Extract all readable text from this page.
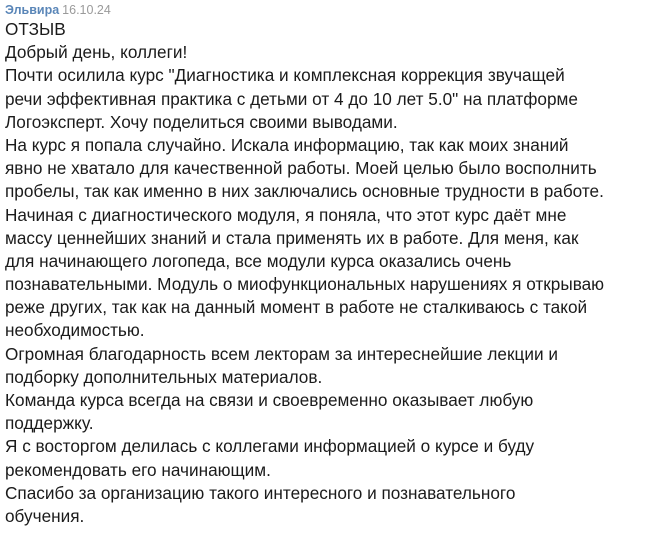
Эльвира 16.10.24
ОТЗЫВ
Добрый день, коллеги!
Почти осилила курс "Диагностика и комплексная коррекция звучащей
речи эффективная практика с детьми от 4 до 10 лет 5.0" на платформе
Логоэксперт. Хочу поделиться своими выводами.
На курс я попала случайно. Искала информацию, так как моих знаний
явно не хватало для качественной работы. Моей целью было восполнить
пробелы, так как именно в них заключались основные трудности в работе.
Начиная с диагностического модуля, я поняла, что этот курс даёт мне
массу ценнейших знаний и стала применять их в работе. Для меня, как
для начинающего логопеда, все модули курса оказались очень
познавательными. Модуль о миофункциональных нарушениях я открываю
реже других, так как на данный момент в работе не сталкиваюсь с такой
необходимостью.
Огромная благодарность всем лекторам за интереснейшие лекции и
подборку дополнительных материалов.
Команда курса всегда на связи и своевременно оказывает любую
поддержку.
Я с восторгом делилась с коллегами информацией о курсе и буду
рекомендовать его начинающим.
Спасибо за организацию такого интересного и познавательного
обучения.
